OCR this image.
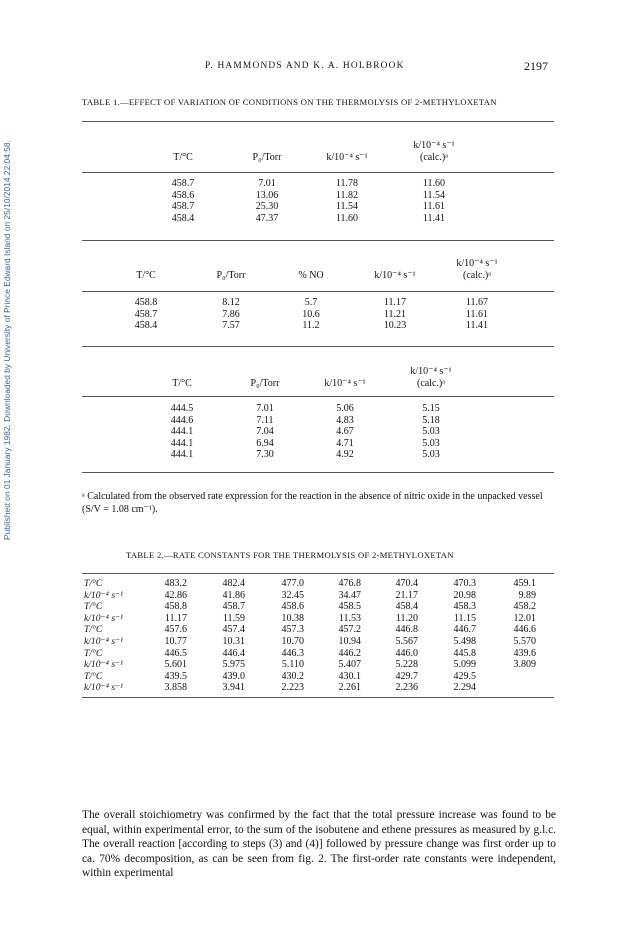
Published on 01 January 1982. Downloaded by University of Prince Edward Island on 25/10/2014 22:04:58.
P. HAMMONDS AND K. A. HOLBROOK	2197
TABLE 1.—EFFECT OF VARIATION OF CONDITIONS ON THE THERMOLYSIS OF 2-METHYLOXETAN
T/°C	P₀/Torr	k/10⁻⁴ s⁻¹
k/10⁻⁴ s⁻¹
(calc.)ᵃ
458.7	7.01	11.78	11.60
458.6	13.06	11.82	11.54
458.7	25.30	11.54	11.61
458.4	47.37	11.60	11.41
T/°C	P₀/Torr	% NO	k/10⁻⁴ s⁻¹
k/10⁻⁴ s⁻¹
(calc.)ᵃ
458.8	8.12	5.7	11.17	11.67
458.7	7.86	10.6	11.21	11.61
458.4	7.57	11.2	10.23	11.41
T/°C	P₀/Torr	k/10⁻⁴ s⁻¹
k/10⁻⁴ s⁻¹
(calc.)ᵃ
444.5	7.01	5.06	5.15
444.6	7.11	4.83	5.18
444.1	7.04	4.67	5.03
444.1	6.94	4.71	5.03
444.1	7.30	4.92	5.03
ᵃ Calculated from the observed rate expression for the reaction in the absence of nitric oxide in the unpacked vessel (S/V = 1.08 cm⁻¹).
TABLE 2.—RATE CONSTANTS FOR THE THERMOLYSIS OF 2-METHYLOXETAN
T/°C	483.2	482.4	477.0	476.8	470.4	470.3	459.1
k/10⁻⁴ s⁻¹	42.86	41.86	32.45	34.47	21.17	20.98	9.89
T/°C	458.8	458.7	458.6	458.5	458.4	458.3	458.2
k/10⁻⁴ s⁻¹	11.17	11.59	10.38	11.53	11.20	11.15	12.01
T/°C	457.6	457.4	457.3	457.2	446.8	446.7	446.6
k/10⁻⁴ s⁻¹	10.77	10.31	10.70	10.94	5.567	5.498	5.570
T/°C	446.5	446.4	446.3	446.2	446.0	445.8	439.6
k/10⁻⁴ s⁻¹	5.601	5.975	5.110	5.407	5.228	5.099	3.809
T/°C	439.5	439.0	430.2	430.1	429.7	429.5
k/10⁻⁴ s⁻¹	3.858	3.941	2.223	2.261	2.236	2.294

The overall stoichiometry was confirmed by the fact that the total pressure increase was found to be equal, within experimental error, to the sum of the isobutene and ethene pressures as measured by g.l.c. The overall reaction [according to steps (3) and (4)] followed by pressure change was first order up to ca. 70% decomposition, as can be seen from fig. 2. The first-order rate constants were independent, within experimental
